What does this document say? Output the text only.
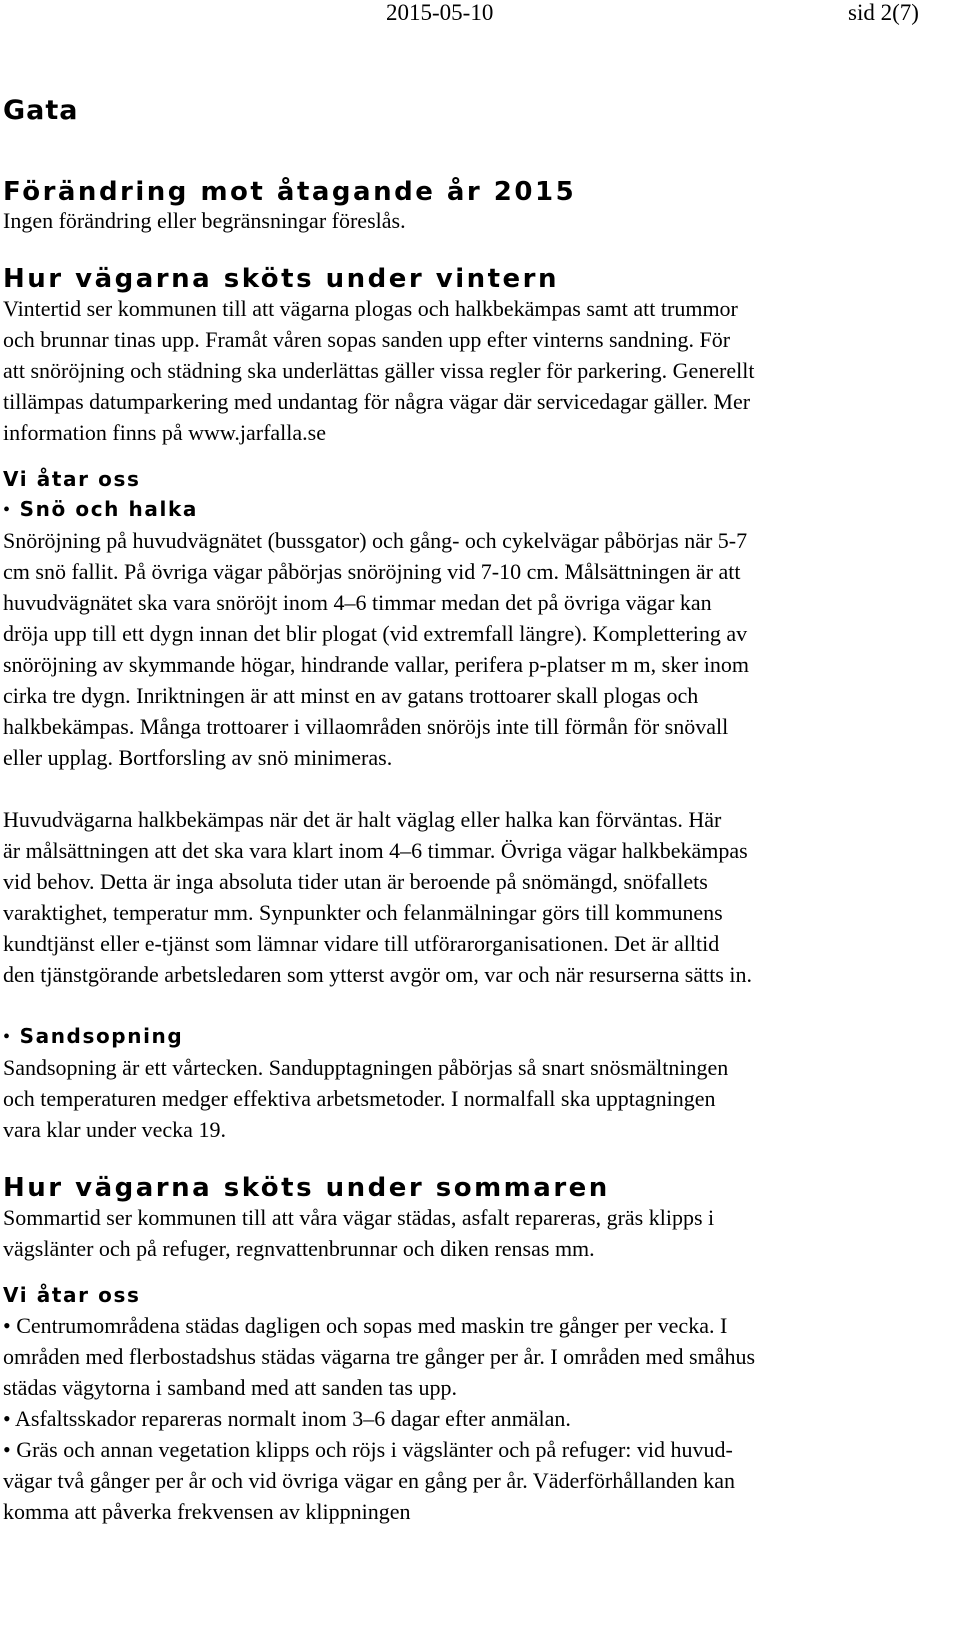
2015-05-10	sid 2(7)
Gata
Förändring mot åtagande år 2015

Ingen förändring eller begränsningar föreslås.

Hur vägarna sköts under vintern

Vintertid ser kommunen till att vägarna plogas och halkbekämpas samt att trummor

och brunnar tinas upp. Framåt våren sopas sanden upp efter vinterns sandning. För

att snöröjning och städning ska underlättas gäller vissa regler för parkering. Generellt

tillämpas datumparkering med undantag för några vägar där servicedagar gäller. Mer

information finns på www.jarfalla.se

Vi åtar oss
• Snö och halka

Snöröjning på huvudvägnätet (bussgator) och gång- och cykelvägar påbörjas när 5-7

cm snö fallit. På övriga vägar påbörjas snöröjning vid 7-10 cm. Målsättningen är att

huvudvägnätet ska vara snöröjt inom 4–6 timmar medan det på övriga vägar kan

dröja upp till ett dygn innan det blir plogat (vid extremfall längre). Komplettering av

snöröjning av skymmande högar, hindrande vallar, perifera p-platser m m, sker inom

cirka tre dygn. Inriktningen är att minst en av gatans trottoarer skall plogas och

halkbekämpas. Många trottoarer i villaområden snöröjs inte till förmån för snövall

eller upplag. Bortforsling av snö minimeras.

Huvudvägarna halkbekämpas när det är halt väglag eller halka kan förväntas. Här

är målsättningen att det ska vara klart inom 4–6 timmar. Övriga vägar halkbekämpas

vid behov. Detta är inga absoluta tider utan är beroende på snömängd, snöfallets

varaktighet, temperatur mm. Synpunkter och felanmälningar görs till kommunens

kundtjänst eller e-tjänst som lämnar vidare till utförarorganisationen. Det är alltid

den tjänstgörande arbetsledaren som ytterst avgör om, var och när resurserna sätts in.

• Sandsopning

Sandsopning är ett vårtecken. Sandupptagningen påbörjas så snart snösmältningen

och temperaturen medger effektiva arbetsmetoder. I normalfall ska upptagningen

vara klar under vecka 19.

Hur vägarna sköts under sommaren

Sommartid ser kommunen till att våra vägar städas, asfalt repareras, gräs klipps i

vägslänter och på refuger, regnvattenbrunnar och diken rensas mm.

Vi åtar oss

• Centrumområdena städas dagligen och sopas med maskin tre gånger per vecka. I

områden med flerbostadshus städas vägarna tre gånger per år. I områden med småhus

städas vägytorna i samband med att sanden tas upp.

• Asfaltsskador repareras normalt inom 3–6 dagar efter anmälan.

• Gräs och annan vegetation klipps och röjs i vägslänter och på refuger: vid huvud-

vägar två gånger per år och vid övriga vägar en gång per år. Väderförhållanden kan

komma att påverka frekvensen av klippningen
